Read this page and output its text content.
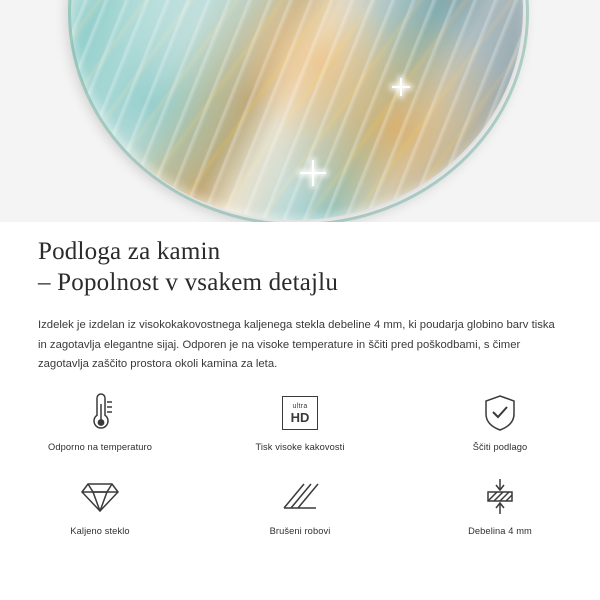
Podloga za kamin
– Popolnost v vsakem detajlu

Izdelek je izdelan iz visokokakovostnega kaljenega stekla debeline 4 mm, ki poudarja globino barv tiska in zagotavlja elegantne sijaj. Odporen je na visoke temperature in ščiti pred poškodbami, s čimer zagotavlja zaščito prostora okoli kamina za leta.

Odporno na temperaturo
ultra
HD
Tisk visoke kakovosti	Ščiti podlago
Kaljeno steklo	Brušeni robovi	Debelina 4 mm
